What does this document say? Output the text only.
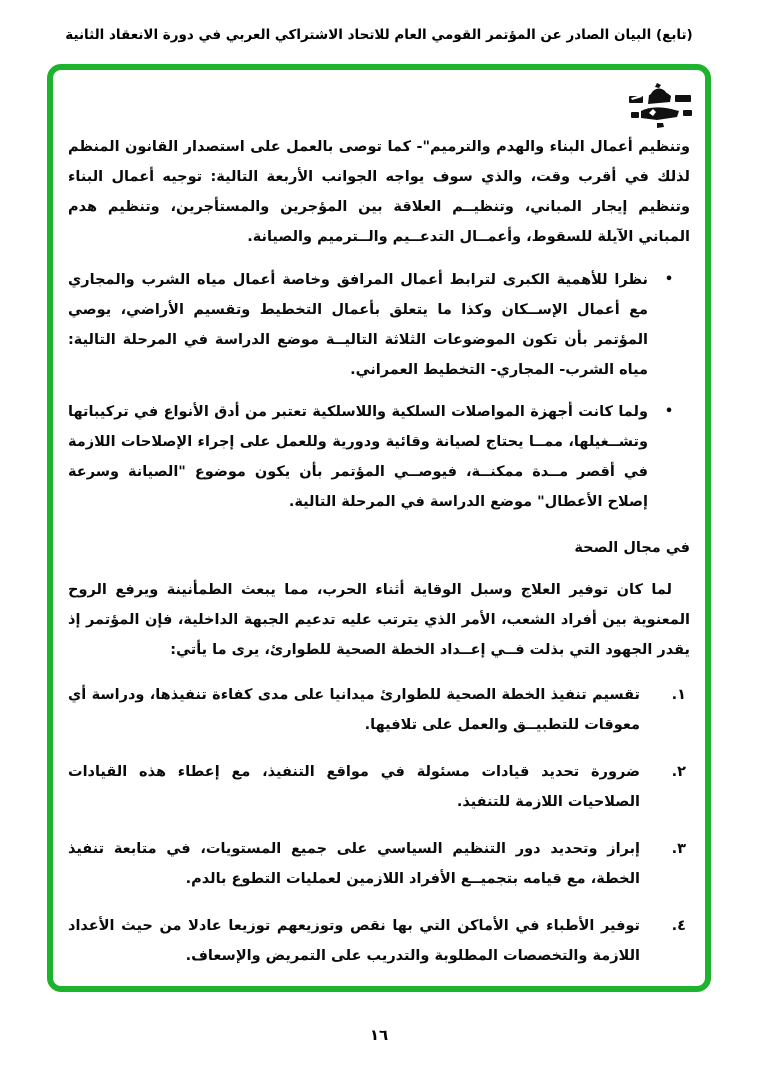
(تابع) البيان الصادر عن المؤتمر القومي العام للاتحاد الاشتراكي العربي في دورة الانعقاد الثانية

وتنظيم أعمال البناء والهدم والترميم"- كما توصى بالعمل على استصدار القانون المنظم لذلك في أقرب وقت، والذي سوف يواجه الجوانب الأربعة التالية: توجيه أعمال البناء وتنظيم إيجار المباني، وتنظيــم العلاقة بين المؤجرين والمستأجرين، وتنظيم هدم المباني الآيلة للسقوط، وأعمــال التدعــيم والــترميم والصيانة.

•
نظرا للأهمية الكبرى لترابط أعمال المرافق وخاصة أعمال مياه الشرب والمجاري مع أعمال الإســكان وكذا ما يتعلق بأعمال التخطيط وتقسيم الأراضي، يوصي المؤتمر بأن تكون الموضوعات الثلاثة التاليــة موضع الدراسة في المرحلة التالية: مياه الشرب- المجاري- التخطيط العمراني.
•
ولما كانت أجهزة المواصلات السلكية واللاسلكية تعتبر من أدق الأنواع في تركيباتها وتشــغيلها، ممــا يحتاج لصيانة وقائية ودورية وللعمل على إجراء الإصلاحات اللازمة في أقصر مــدة ممكنــة، فيوصــي المؤتمر بأن يكون موضوع "الصيانة وسرعة إصلاح الأعطال" موضع الدراسة في المرحلة التالية.
في مجال الصحة

لما كان توفير العلاج وسبل الوقاية أثناء الحرب، مما يبعث الطمأنينة ويرفع الروح المعنوية بين أفراد الشعب، الأمر الذي يترتب عليه تدعيم الجبهة الداخلية، فإن المؤتمر إذ يقدر الجهود التي بذلت فــي إعــداد الخطة الصحية للطوارئ، يرى ما يأتي:

١.
تقسيم تنفيذ الخطة الصحية للطوارئ ميدانيا على مدى كفاءة تنفيذها، ودراسة أي معوقات للتطبيــق والعمل على تلافيها.
٢.
ضرورة تحديد قيادات مسئولة في مواقع التنفيذ، مع إعطاء هذه القيادات الصلاحيات اللازمة للتنفيذ.
٣.
إبراز وتحديد دور التنظيم السياسي على جميع المستويات، في متابعة تنفيذ الخطة، مع قيامه بتجميــع الأفراد اللازمين لعمليات التطوع بالدم.
٤.
توفير الأطباء في الأماكن التي بها نقص وتوزيعهم توزيعا عادلا من حيث الأعداد اللازمة والتخصصات المطلوبة والتدريب على التمريض والإسعاف.
١٦
